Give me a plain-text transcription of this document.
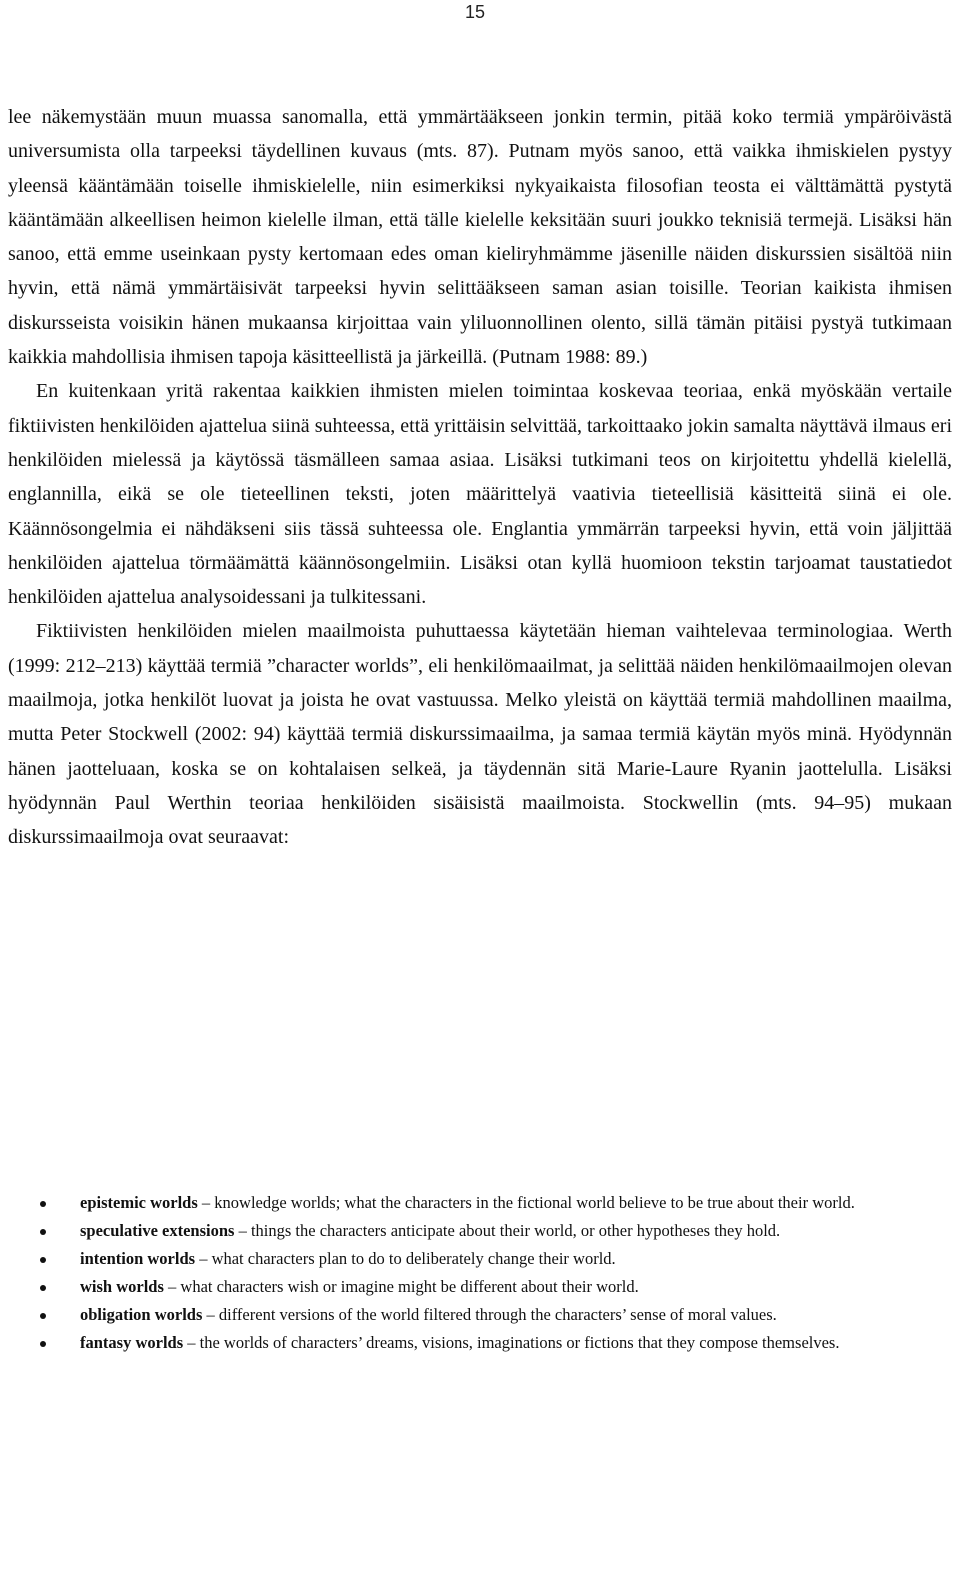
15

lee näkemystään muun muassa sanomalla, että ymmärtääkseen jonkin termin, pitää koko termiä ympäröivästä universumista olla tarpeeksi täydellinen kuvaus (mts. 87). Putnam myös sanoo, että vaikka ihmiskielen pystyy yleensä kääntämään toiselle ihmiskielelle, niin esimerkiksi nykyaikaista filosofian teosta ei välttämättä pystytä kääntämään alkeellisen heimon kielelle ilman, että tälle kielelle keksitään suuri joukko teknisiä termejä. Lisäksi hän sanoo, että emme useinkaan pysty kertomaan edes oman kieliryhmämme jäsenille näiden diskurssien sisältöä niin hyvin, että nämä ymmärtäisivät tarpeeksi hyvin selittääkseen saman asian toisille. Teorian kaikista ihmisen diskursseista voisikin hänen mukaansa kirjoittaa vain yliluonnollinen olento, sillä tämän pitäisi pystyä tutkimaan kaikkia mahdollisia ihmisen tapoja käsitteellistä ja järkeillä. (Putnam 1988: 89.)

En kuitenkaan yritä rakentaa kaikkien ihmisten mielen toimintaa koskevaa teoriaa, enkä myöskään vertaile fiktiivisten henkilöiden ajattelua siinä suhteessa, että yrittäisin selvittää, tarkoittaako jokin samalta näyttävä ilmaus eri henkilöiden mielessä ja käytössä täsmälleen samaa asiaa. Lisäksi tutkimani teos on kirjoitettu yhdellä kielellä, englannilla, eikä se ole tieteellinen teksti, joten määrittelyä vaativia tieteellisiä käsitteitä siinä ei ole. Käännösongelmia ei nähdäkseni siis tässä suhteessa ole. Englantia ymmärrän tarpeeksi hyvin, että voin jäljittää henkilöiden ajattelua törmäämättä käännösongelmiin. Lisäksi otan kyllä huomioon tekstin tarjoamat taustatiedot henkilöiden ajattelua analysoidessani ja tulkitessani.

Fiktiivisten henkilöiden mielen maailmoista puhuttaessa käytetään hieman vaihtelevaa terminologiaa. Werth (1999: 212–213) käyttää termiä ”character worlds”, eli henkilömaailmat, ja selittää näiden henkilömaailmojen olevan maailmoja, jotka henkilöt luovat ja joista he ovat vastuussa. Melko yleistä on käyttää termiä mahdollinen maailma, mutta Peter Stockwell (2002: 94) käyttää termiä diskurssimaailma, ja samaa termiä käytän myös minä. Hyödynnän hänen jaotteluaan, koska se on kohtalaisen selkeä, ja täydennän sitä Marie-Laure Ryanin jaottelulla. Lisäksi hyödynnän Paul Werthin teoriaa henkilöiden sisäisistä maailmoista. Stockwellin (mts. 94–95) mukaan diskurssimaailmoja ovat seuraavat:

epistemic worlds – knowledge worlds; what the characters in the fictional world believe to be true about their world.
speculative extensions – things the characters anticipate about their world, or other hypotheses they hold.
intention worlds – what characters plan to do to deliberately change their world.
wish worlds – what characters wish or imagine might be different about their world.
obligation worlds – different versions of the world filtered through the characters’ sense of moral values.
fantasy worlds – the worlds of characters’ dreams, visions, imaginations or fictions that they compose themselves.
